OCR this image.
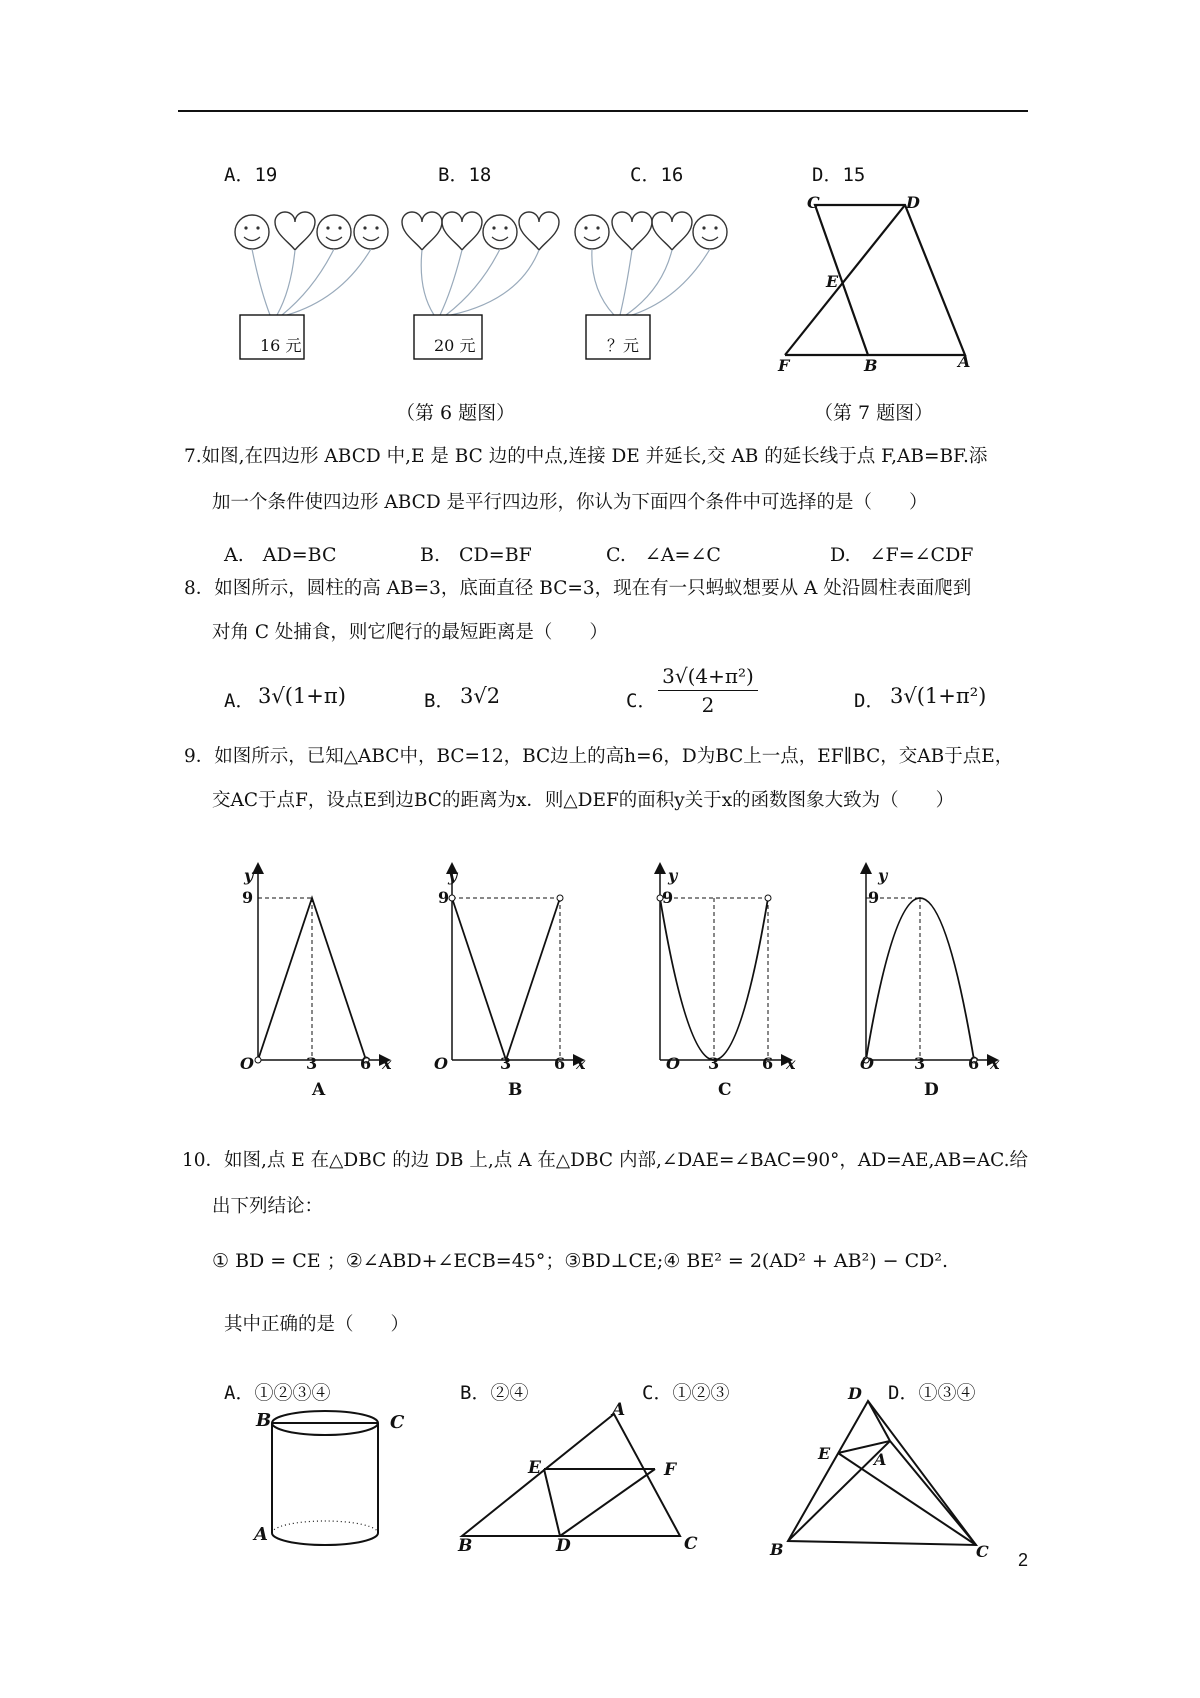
A．19	B．18	C．16	D．15
16 元	20 元	？元
C	D
E
F	B	A
（第 6 题图）	（第 7 题图）
7.如图,在四边形 ABCD 中,E 是 BC 边的中点,连接 DE 并延长,交 AB 的延长线于点 F,AB=BF.添
加一个条件使四边形 ABCD 是平行四边形，你认为下面四个条件中可选择的是（　　）
A.　AD=BC	B.　CD=BF	C.　∠A=∠C	D.　∠F=∠CDF
8．如图所示，圆柱的高 AB=3，底面直径 BC=3，现在有一只蚂蚁想要从 A 处沿圆柱表面爬到
对角 C 处捕食，则它爬行的最短距离是（　　）
A． 3√(1+π)	B． 3√2	C． $\frac{\text{3√(4+π²)}}{2}$	D． 3√(1+π²)
9．如图所示，已知△ABC中，BC=12，BC边上的高h=6，D为BC上一点，EF∥BC，交AB于点E，
交AC于点F，设点E到边BC的距离为x．则△DEF的面积y关于x的函数图象大致为（　　）
y
9
O	3	6 x
A
y
9
O	3	6 x
B
y
9
O 3	6 x
C
y
9
O	3	6 x
D
10．如图,点 E 在△DBC 的边 DB 上,点 A 在△DBC 内部,∠DAE=∠BAC=90°，AD=AE,AB=AC.给
出下列结论：
① BD = CE ；②∠ABD+∠ECB=45°；③BD⊥CE;④ BE² = 2(AD² + AB²) − CD².
其中正确的是（　　）
A．①②③④	B．②④	C．①②③	D．①③④
B	C
A
A
E	F
B	D	C
D
E	A
B	C 2
